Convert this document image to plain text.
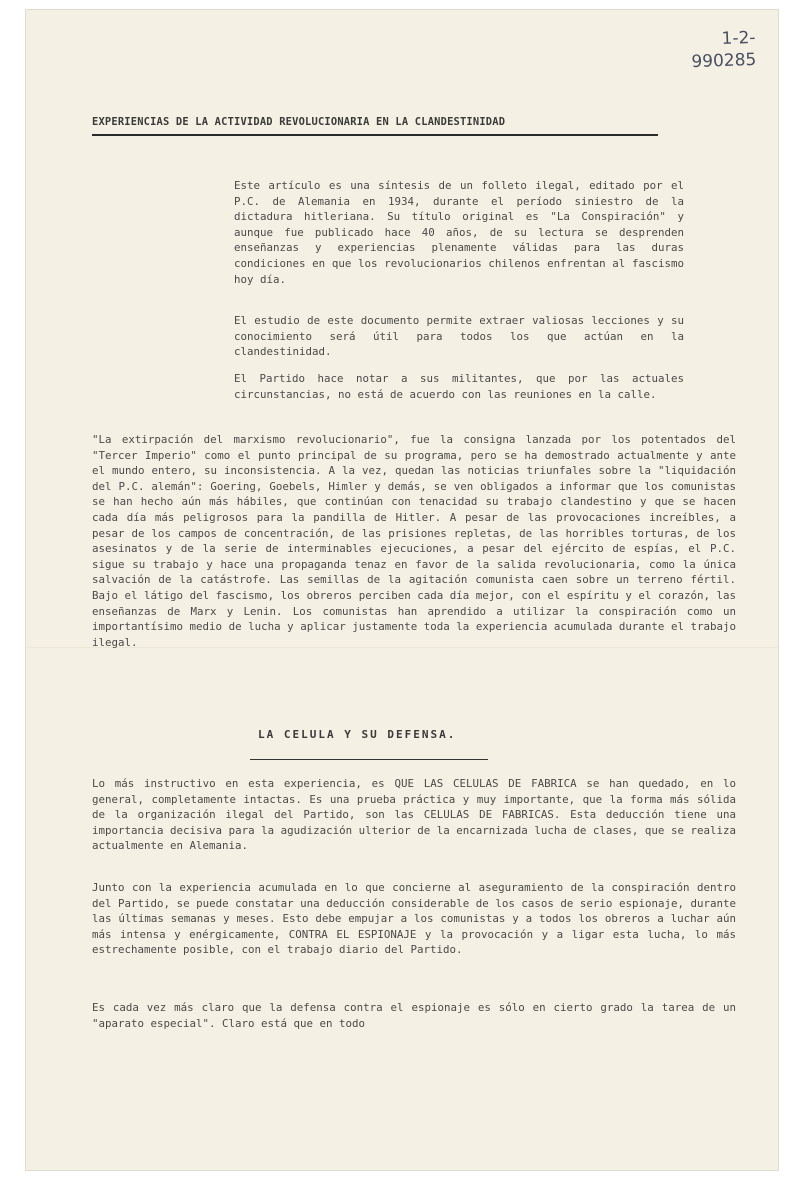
1-2-
990285
EXPERIENCIAS DE LA ACTIVIDAD REVOLUCIONARIA EN LA CLANDESTINIDAD

Este artículo es una síntesis de un folleto ilegal, editado por el P.C. de Alemania en 1934, durante el período siniestro de la dictadura hitleriana. Su título original es "La Conspiración" y aunque fue publicado hace 40 años, de su lectura se desprenden enseñanzas y experiencias plenamente válidas para las duras condiciones en que los revolucionarios chilenos enfrentan al fascismo hoy día.

El estudio de este documento permite extraer valiosas lecciones y su conocimiento será útil para todos los que actúan en la clandestinidad.

El Partido hace notar a sus militantes, que por las actuales circunstancias, no está de acuerdo con las reuniones en la calle.

"La extirpación del marxismo revolucionario", fue la consigna lanzada por los potentados del "Tercer Imperio" como el punto principal de su programa, pero se ha demostrado actualmente y ante el mundo entero, su inconsistencia. A la vez, quedan las noticias triunfales sobre la "liquidación del P.C. alemán": Goering, Goebels, Himler y demás, se ven obligados a informar que los comunistas se han hecho aún más hábiles, que continúan con tenacidad su trabajo clandestino y que se hacen cada día más peligrosos para la pandilla de Hitler. A pesar de las provocaciones increíbles, a pesar de los campos de concentración, de las prisiones repletas, de las horribles torturas, de los asesinatos y de la serie de interminables ejecuciones, a pesar del ejército de espías, el P.C. sigue su trabajo y hace una propaganda tenaz en favor de la salida revolucionaria, como la única salvación de la catástrofe. Las semillas de la agitación comunista caen sobre un terreno fértil. Bajo el látigo del fascismo, los obreros perciben cada día mejor, con el espíritu y el corazón, las enseñanzas de Marx y Lenin. Los comunistas han aprendido a utilizar la conspiración como un importantísimo medio de lucha y aplicar justamente toda la experiencia acumulada durante el trabajo ilegal.

LA CELULA Y SU DEFENSA.

Lo más instructivo en esta experiencia, es QUE LAS CELULAS DE FABRICA se han quedado, en lo general, completamente intactas. Es una prueba práctica y muy importante, que la forma más sólida de la organización ilegal del Partido, son las CELULAS DE FABRICAS. Esta deducción tiene una importancia decisiva para la agudización ulterior de la encarnizada lucha de clases, que se realiza actualmente en Alemania.

Junto con la experiencia acumulada en lo que concierne al aseguramiento de la conspiración dentro del Partido, se puede constatar una deducción considerable de los casos de serio espionaje, durante las últimas semanas y meses. Esto debe empujar a los comunistas y a todos los obreros a luchar aún más intensa y enérgicamente, CONTRA EL ESPIONAJE y la provocación y a ligar esta lucha, lo más estrechamente posible, con el trabajo diario del Partido.

Es cada vez más claro que la defensa contra el espionaje es sólo en cierto grado la tarea de un "aparato especial". Claro está que en todo
